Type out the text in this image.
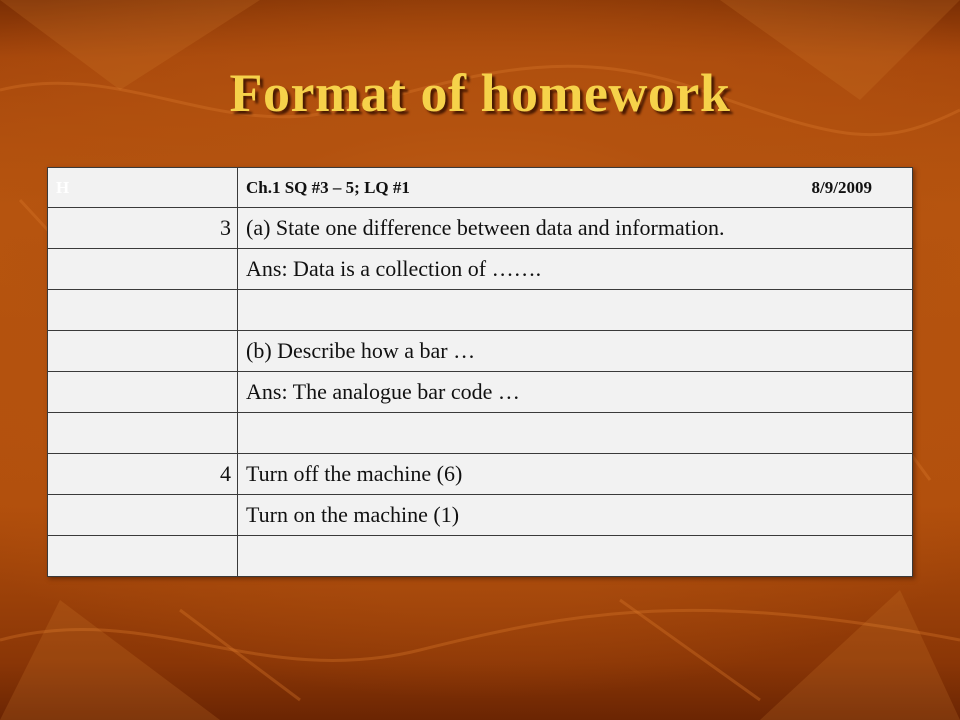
Format of homework
H	Ch.1 SQ #3 – 5; LQ #1 8/9/2009

3	(a) State one difference between data and information.
	Ans: Data is a collection of …….

	(b) Describe how a bar …
	Ans: The analogue bar code …

4	Turn off the machine (6)
	Turn on the machine (1)
